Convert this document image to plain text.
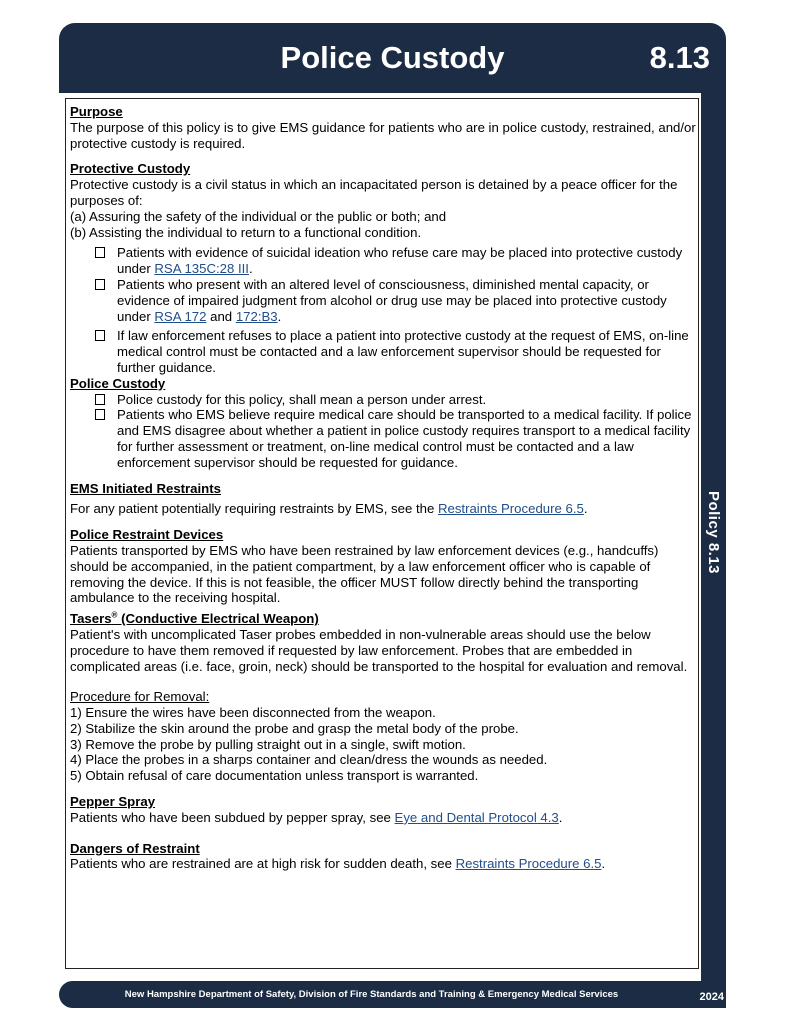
Police Custody	8.13
Policy 8.13

Purpose

The purpose of this policy is to give EMS guidance for patients who are in police custody, restrained, and/or protective custody is required.

Protective Custody

Protective custody is a civil status in which an incapacitated person is detained by a peace officer for the purposes of:

(a) Assuring the safety of the individual or the public or both; and

(b) Assisting the individual to return to a functional condition.

Patients with evidence of suicidal ideation who refuse care may be placed into protective custody under RSA 135C:28 III.
Patients who present with an altered level of consciousness, diminished mental capacity, or evidence of impaired judgment from alcohol or drug use may be placed into protective custody under RSA 172 and 172:B3.
If law enforcement refuses to place a patient into protective custody at the request of EMS, on-line medical control must be contacted and a law enforcement supervisor should be requested for further guidance.

Police Custody

Police custody for this policy, shall mean a person under arrest.
Patients who EMS believe require medical care should be transported to a medical facility. If police and EMS disagree about whether a patient in police custody requires transport to a medical facility for further assessment or treatment, on-line medical control must be contacted and a law enforcement supervisor should be requested for guidance.

EMS Initiated Restraints

For any patient potentially requiring restraints by EMS, see the Restraints Procedure 6.5.

Police Restraint Devices

Patients transported by EMS who have been restrained by law enforcement devices (e.g., handcuffs) should be accompanied, in the patient compartment, by a law enforcement officer who is capable of removing the device. If this is not feasible, the officer MUST follow directly behind the transporting ambulance to the receiving hospital.

Tasers® (Conductive Electrical Weapon)

Patient's with uncomplicated Taser probes embedded in non-vulnerable areas should use the below procedure to have them removed if requested by law enforcement. Probes that are embedded in complicated areas (i.e. face, groin, neck) should be transported to the hospital for evaluation and removal.

Procedure for Removal:

1) Ensure the wires have been disconnected from the weapon.

2) Stabilize the skin around the probe and grasp the metal body of the probe.

3) Remove the probe by pulling straight out in a single, swift motion.

4) Place the probes in a sharps container and clean/dress the wounds as needed.

5) Obtain refusal of care documentation unless transport is warranted.

Pepper Spray

Patients who have been subdued by pepper spray, see Eye and Dental Protocol 4.3.

Dangers of Restraint

Patients who are restrained are at high risk for sudden death, see Restraints Procedure 6.5.

New Hampshire Department of Safety, Division of Fire Standards and Training & Emergency Medical Services	2024
